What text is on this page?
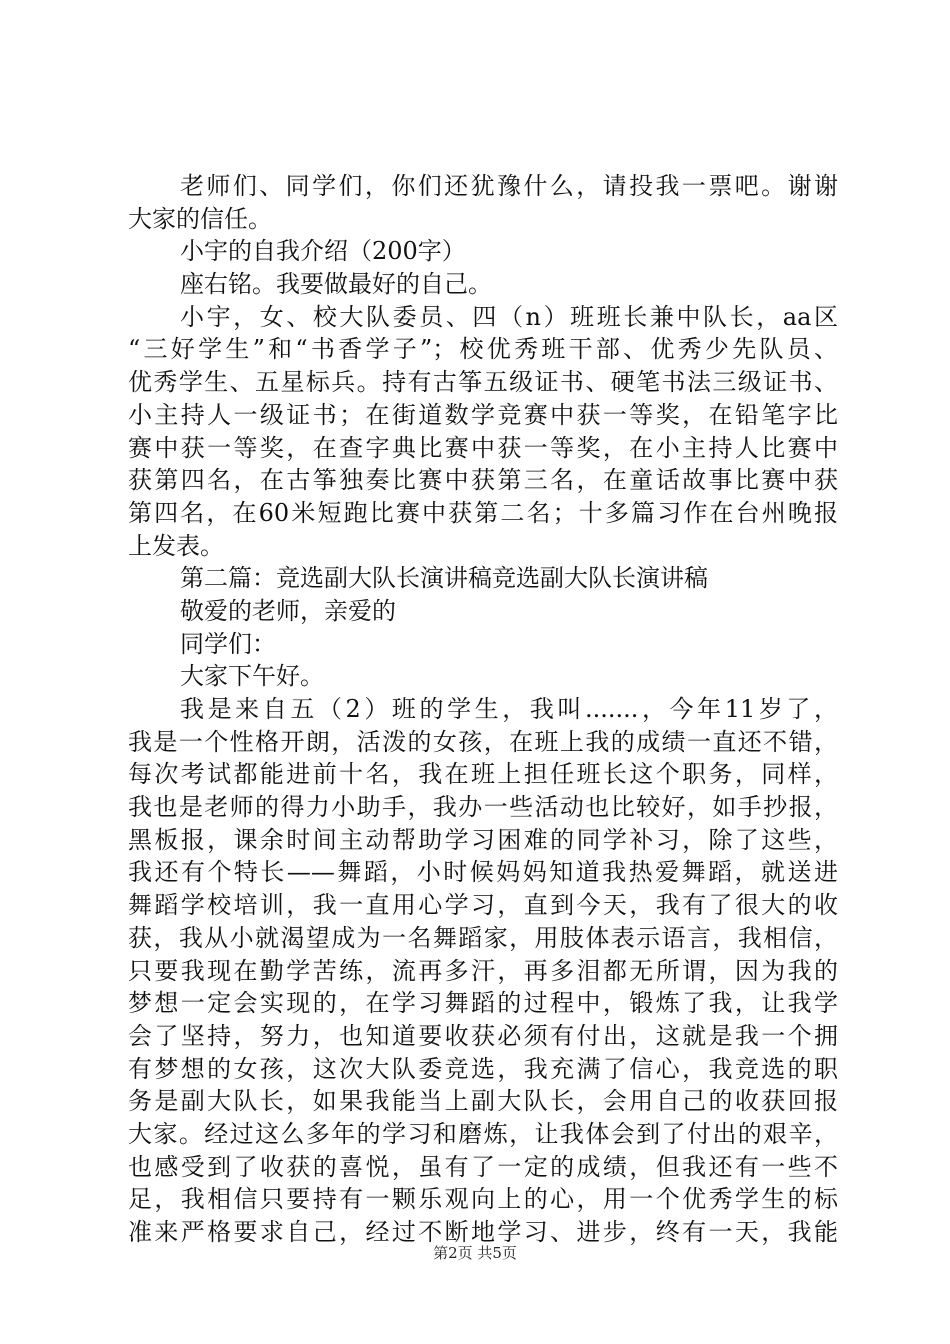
老师们、同学们，你们还犹豫什么，请投我一票吧。谢谢
大家的信任。
小宇的自我介绍（200字）
座右铭。我要做最好的自己。
小宇，女、校大队委员、四（n）班班长兼中队长，aa区
“三好学生”和“书香学子”；校优秀班干部、优秀少先队员、
优秀学生、五星标兵。持有古筝五级证书、硬笔书法三级证书、
小主持人一级证书；在街道数学竞赛中获一等奖，在铅笔字比
赛中获一等奖，在查字典比赛中获一等奖，在小主持人比赛中
获第四名，在古筝独奏比赛中获第三名，在童话故事比赛中获
第四名，在60米短跑比赛中获第二名；十多篇习作在台州晚报
上发表。
第二篇：竞选副大队长演讲稿竞选副大队长演讲稿
敬爱的老师，亲爱的
同学们：
大家下午好。
我是来自五（2）班的学生，我叫.......，今年11岁了，
我是一个性格开朗，活泼的女孩，在班上我的成绩一直还不错，
每次考试都能进前十名，我在班上担任班长这个职务，同样，
我也是老师的得力小助手，我办一些活动也比较好，如手抄报，
黑板报，课余时间主动帮助学习困难的同学补习，除了这些，
我还有个特长——舞蹈，小时候妈妈知道我热爱舞蹈，就送进
舞蹈学校培训，我一直用心学习，直到今天，我有了很大的收
获，我从小就渴望成为一名舞蹈家，用肢体表示语言，我相信，
只要我现在勤学苦练，流再多汗，再多泪都无所谓，因为我的
梦想一定会实现的，在学习舞蹈的过程中，锻炼了我，让我学
会了坚持，努力，也知道要收获必须有付出，这就是我一个拥
有梦想的女孩，这次大队委竞选，我充满了信心，我竞选的职
务是副大队长，如果我能当上副大队长，会用自己的收获回报
大家。经过这么多年的学习和磨炼，让我体会到了付出的艰辛，
也感受到了收获的喜悦，虽有了一定的成绩，但我还有一些不
足，我相信只要持有一颗乐观向上的心，用一个优秀学生的标
准来严格要求自己，经过不断地学习、进步，终有一天，我能
第2页 共5页
